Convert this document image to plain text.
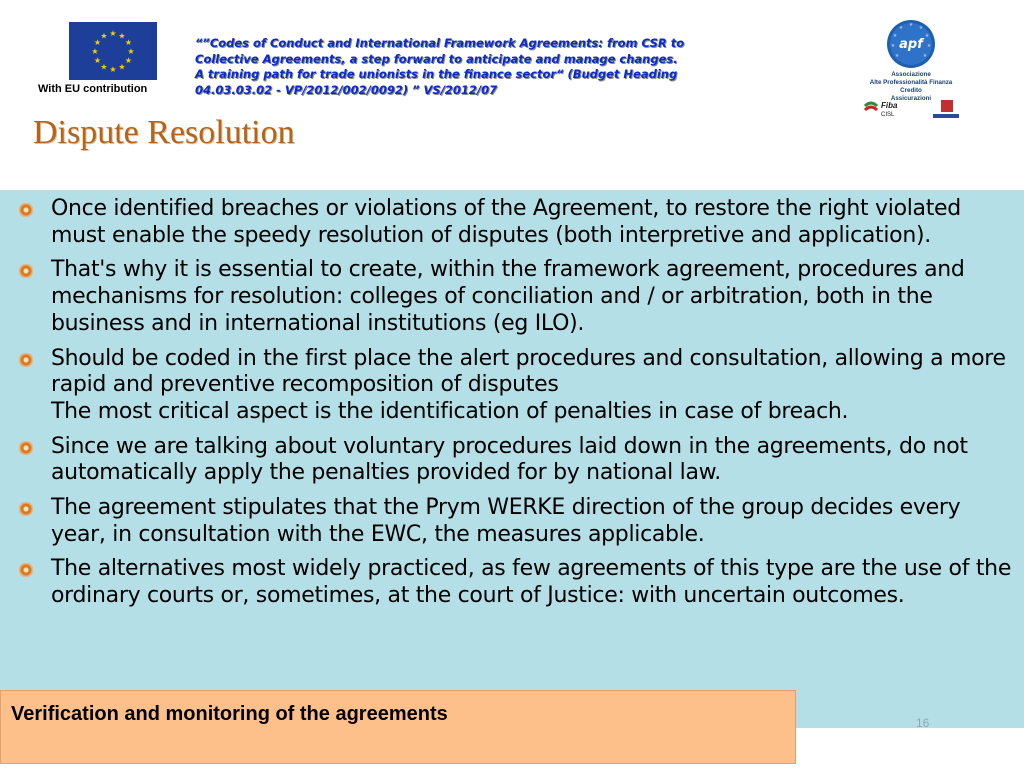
★ ★
★
★
★
★
★
★
★
★
★
★
With EU contribution
“”Codes of Conduct and International Framework Agreements: from CSR to
Collective Agreements, a step forward to anticipate and manage changes.
A training path for trade unionists in the finance sector“ (Budget Heading
04.03.03.02 - VP/2012/002/0092) ” VS/2012/07
★ ★
★
★
★
★
★
★
★
apf
Associazione
Alte Professionalità Finanza
Credito
Assicurazioni
Fiba
CISL
Dispute Resolution
Once identified breaches or violations of the Agreement, to restore the right violated must enable the speedy resolution of disputes (both interpretive and application).
That's why it is essential to create, within the framework agreement, procedures and mechanisms for resolution: colleges of conciliation and / or arbitration, both in the business and in international institutions (eg ILO).
Should be coded in the first place the alert procedures and consultation, allowing a more rapid and preventive recomposition of disputes
The most critical aspect is the identification of penalties in case of breach.
Since we are talking about voluntary procedures laid down in the agreements, do not automatically apply the penalties provided for by national law.
The agreement stipulates that the Prym WERKE direction of the group decides every year, in consultation with the EWC, the measures applicable.
The alternatives most widely practiced, as few agreements of this type are the use of the ordinary courts or, sometimes, at the court of Justice: with uncertain outcomes.
16
Verification and monitoring of the agreements
